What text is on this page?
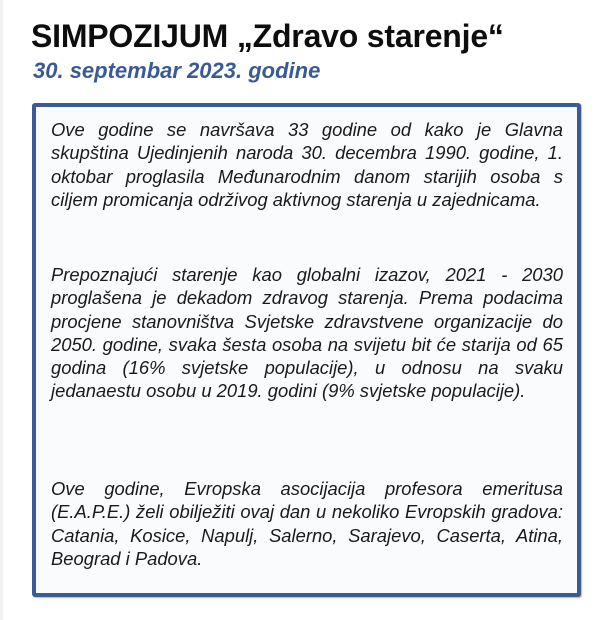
SIMPOZIJUM „Zdravo starenje“
30. septembar 2023. godine

Ove godine se navršava 33 godine od kako je Glavna skupština Ujedinjenih naroda 30. decembra 1990. godine, 1. oktobar proglasila Međunarodnim danom starijih osoba s ciljem promicanja održivog aktivnog starenja u zajednicama.

Prepoznajući starenje kao globalni izazov, 2021 - 2030 proglašena je dekadom zdravog starenja. Prema podacima procjene stanovništva Svjetske zdravstvene organizacije do 2050. godine, svaka šesta osoba na svijetu bit će starija od 65 godina (16% svjetske populacije), u odnosu na svaku jedanaestu osobu u 2019. godini (9% svjetske populacije).

Ove godine, Evropska asocijacija profesora emeritusa (E.A.P.E.) želi obilježiti ovaj dan u nekoliko Evropskih gradova: Catania, Kosice, Napulj, Salerno, Sarajevo, Caserta, Atina, Beograd i Padova.
